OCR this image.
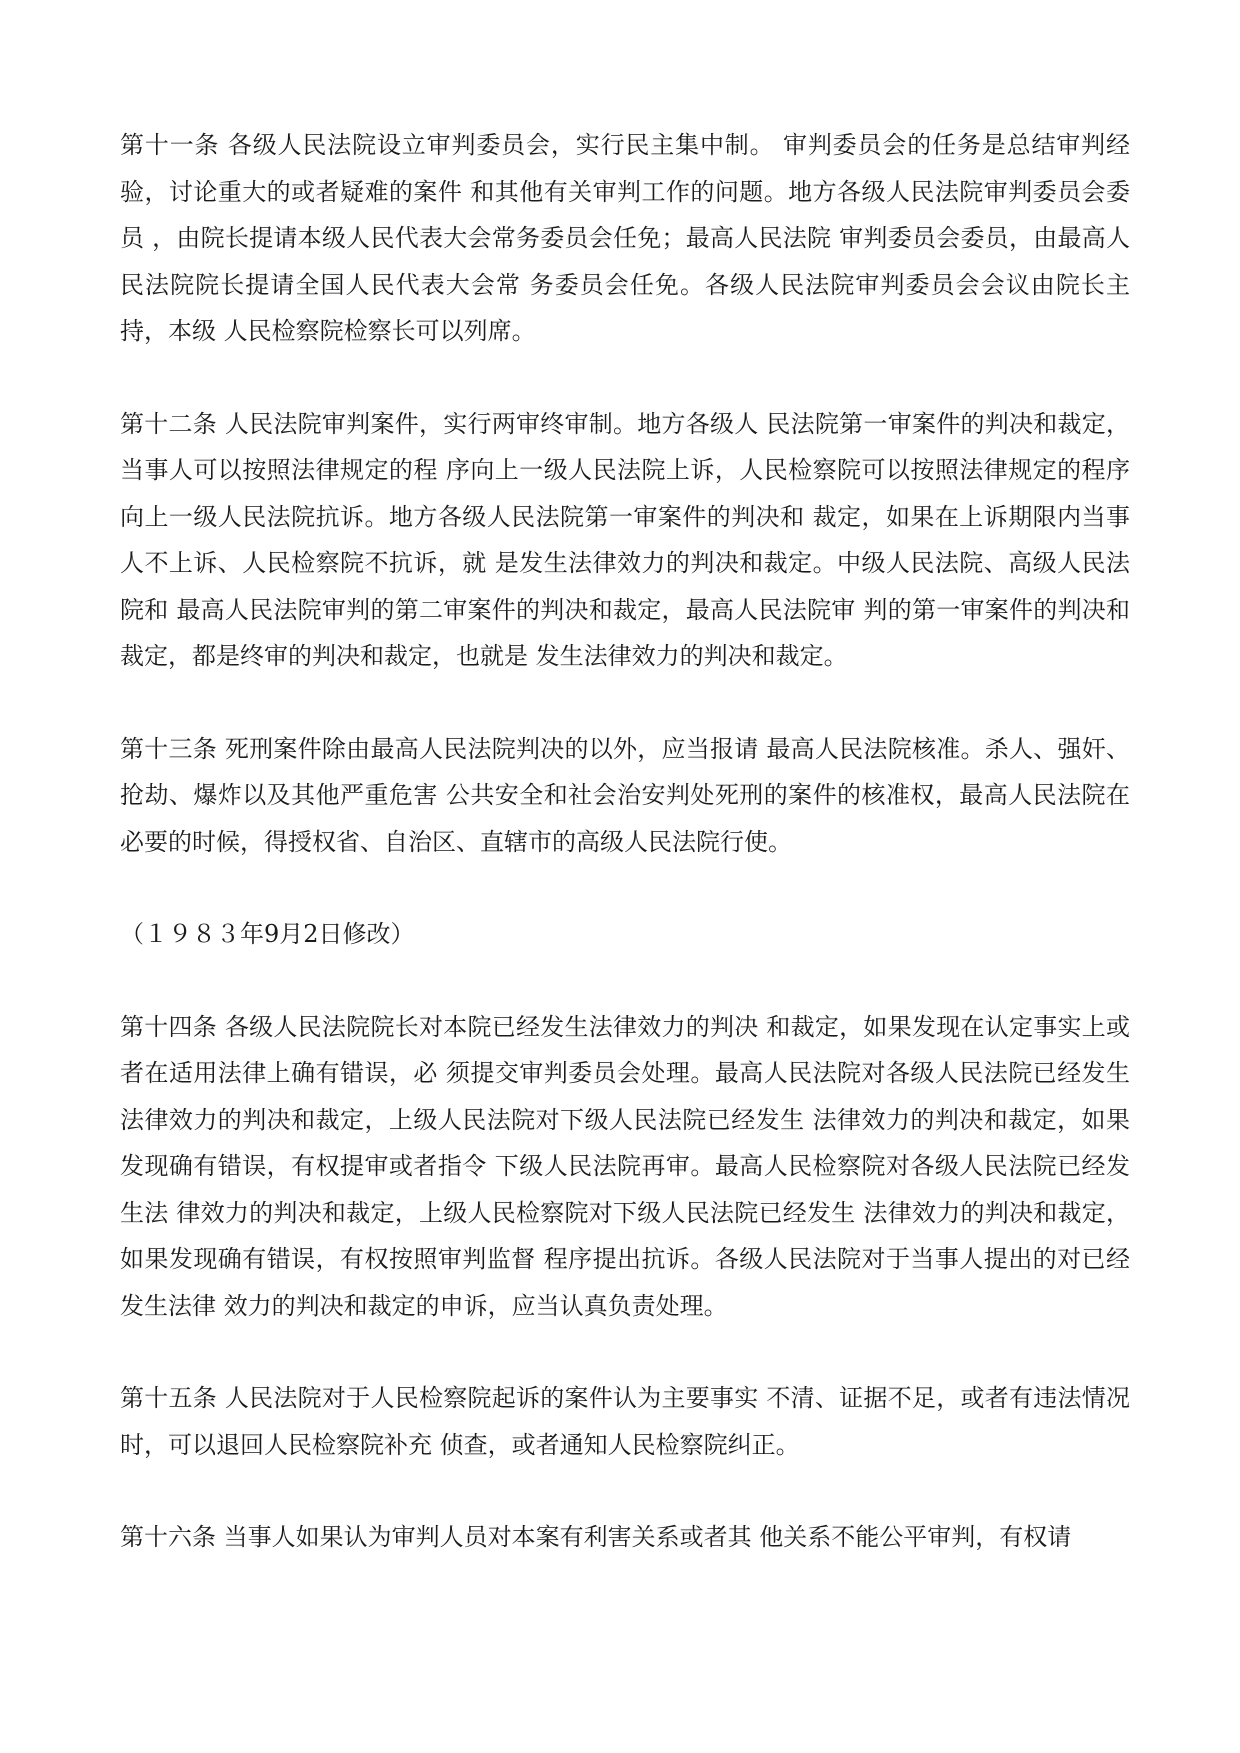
第十一条 各级人民法院设立审判委员会，实行民主集中制。 审判委员会的任务是总结审判经验，讨论重大的或者疑难的案件 和其他有关审判工作的问题。地方各级人民法院审判委员会委员 ，由院长提请本级人民代表大会常务委员会任免；最高人民法院 审判委员会委员，由最高人民法院院长提请全国人民代表大会常 务委员会任免。各级人民法院审判委员会会议由院长主持，本级 人民检察院检察长可以列席。

第十二条 人民法院审判案件，实行两审终审制。地方各级人 民法院第一审案件的判决和裁定，当事人可以按照法律规定的程 序向上一级人民法院上诉，人民检察院可以按照法律规定的程序 向上一级人民法院抗诉。地方各级人民法院第一审案件的判决和 裁定，如果在上诉期限内当事人不上诉、人民检察院不抗诉，就 是发生法律效力的判决和裁定。中级人民法院、高级人民法院和 最高人民法院审判的第二审案件的判决和裁定，最高人民法院审 判的第一审案件的判决和裁定，都是终审的判决和裁定，也就是 发生法律效力的判决和裁定。

第十三条 死刑案件除由最高人民法院判决的以外，应当报请 最高人民法院核准。杀人、强奸、抢劫、爆炸以及其他严重危害 公共安全和社会治安判处死刑的案件的核准权，最高人民法院在 必要的时候，得授权省、自治区、直辖市的高级人民法院行使。

（１９８３年9月2日修改）

第十四条 各级人民法院院长对本院已经发生法律效力的判决 和裁定，如果发现在认定事实上或者在适用法律上确有错误，必 须提交审判委员会处理。最高人民法院对各级人民法院已经发生 法律效力的判决和裁定，上级人民法院对下级人民法院已经发生 法律效力的判决和裁定，如果发现确有错误，有权提审或者指令 下级人民法院再审。最高人民检察院对各级人民法院已经发生法 律效力的判决和裁定，上级人民检察院对下级人民法院已经发生 法律效力的判决和裁定，如果发现确有错误，有权按照审判监督 程序提出抗诉。各级人民法院对于当事人提出的对已经发生法律 效力的判决和裁定的申诉，应当认真负责处理。

第十五条 人民法院对于人民检察院起诉的案件认为主要事实 不清、证据不足，或者有违法情况时，可以退回人民检察院补充 侦查，或者通知人民检察院纠正。

第十六条 当事人如果认为审判人员对本案有利害关系或者其 他关系不能公平审判，有权请
